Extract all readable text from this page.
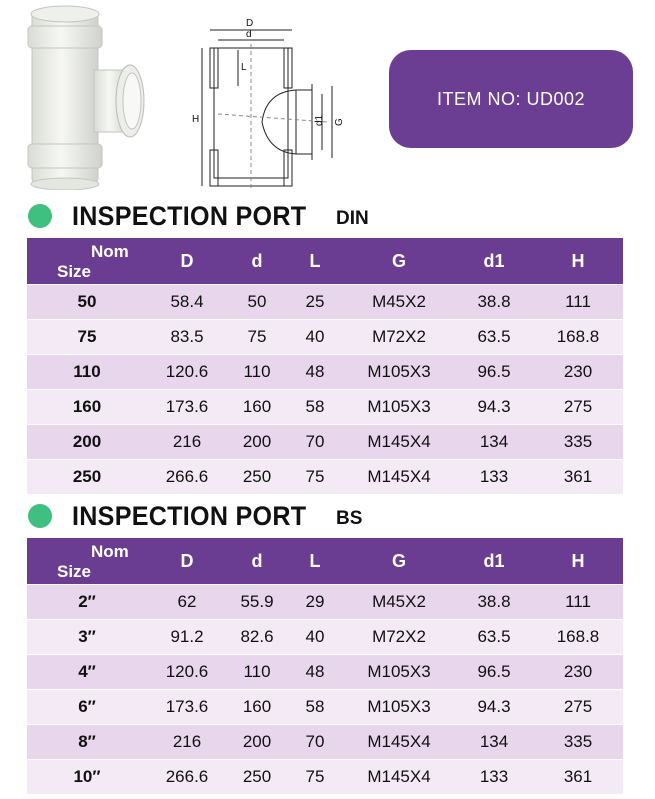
D
d
L
H	d1 G
ITEM NO: UD002
INSPECTION PORT DIN
Nom
Size	D	d	L	G	d1	H
50	58.4	50	25	M45X2	38.8	111
75	83.5	75	40	M72X2	63.5	168.8
110	120.6	110	48	M105X3	96.5	230
160	173.6	160	58	M105X3	94.3	275
200	216	200	70	M145X4	134	335
250	266.6	250	75	M145X4	133	361
INSPECTION PORT BS
Nom
Size	D	d	L	G	d1	H
2″	62	55.9	29	M45X2	38.8	111
3″	91.2	82.6	40	M72X2	63.5	168.8
4″	120.6	110	48	M105X3	96.5	230
6″	173.6	160	58	M105X3	94.3	275
8″	216	200	70	M145X4	134	335
10″	266.6	250	75	M145X4	133	361
